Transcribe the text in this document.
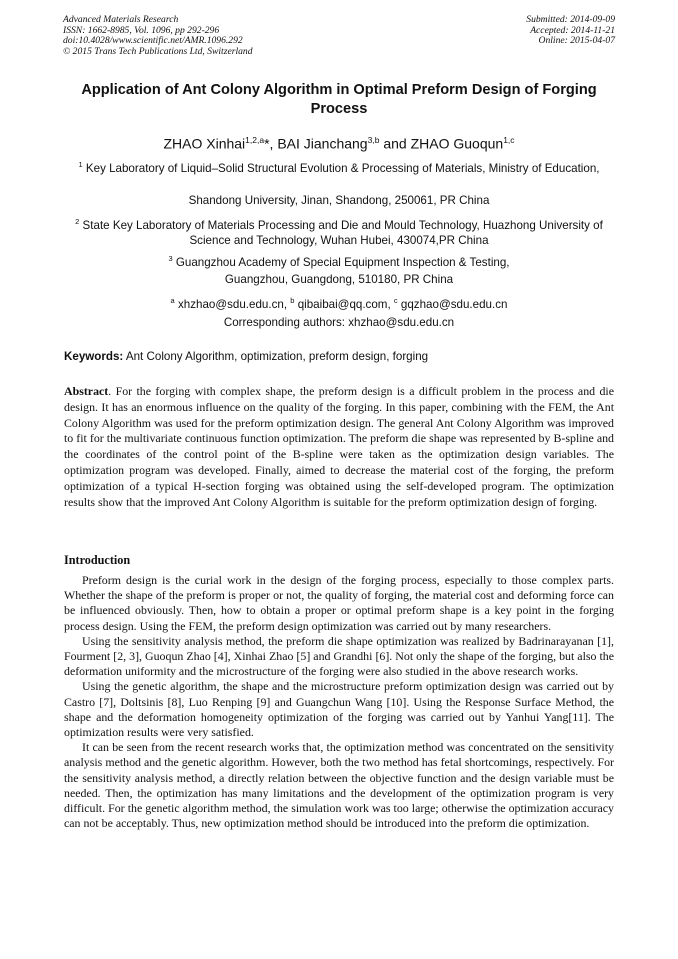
Advanced Materials Research
ISSN: 1662-8985, Vol. 1096, pp 292-296
doi:10.4028/www.scientific.net/AMR.1096.292
© 2015 Trans Tech Publications Ltd, Switzerland
Submitted: 2014-09-09
Accepted: 2014-11-21
Online: 2015-04-07
Application of Ant Colony Algorithm in Optimal Preform Design of Forging Process
ZHAO Xinhai$^{1,2,a}$*, BAI Jianchang$^{3,b}$ and ZHAO Guoqun$^{1,c}$
$^1$ Key Laboratory of Liquid–Solid Structural Evolution & Processing of Materials, Ministry of Education,
Shandong University, Jinan, Shandong, 250061, PR China
$^2$ State Key Laboratory of Materials Processing and Die and Mould Technology, Huazhong University of Science and Technology, Wuhan Hubei, 430074,PR China
$^3$ Guangzhou Academy of Special Equipment Inspection & Testing,
Guangzhou, Guangdong, 510180, PR China
$^a$ xhzhao@sdu.edu.cn, $^b$ qibaibai@qq.com, $^c$ gqzhao@sdu.edu.cn
Corresponding authors: xhzhao@sdu.edu.cn
Keywords: Ant Colony Algorithm, optimization, preform design, forging
Abstract. For the forging with complex shape, the preform design is a difficult problem in the process and die design. It has an enormous influence on the quality of the forging. In this paper, combining with the FEM, the Ant Colony Algorithm was used for the preform optimization design. The general Ant Colony Algorithm was improved to fit for the multivariate continuous function optimization. The preform die shape was represented by B-spline and the coordinates of the control point of the B-spline were taken as the optimization design variables. The optimization program was developed. Finally, aimed to decrease the material cost of the forging, the preform optimization of a typical H-section forging was obtained using the self-developed program. The optimization results show that the improved Ant Colony Algorithm is suitable for the preform optimization design of forging.
Introduction

Preform design is the curial work in the design of the forging process, especially to those complex parts. Whether the shape of the preform is proper or not, the quality of forging, the material cost and deforming force can be influenced obviously. Then, how to obtain a proper or optimal preform shape is a key point in the forging process design. Using the FEM, the preform design optimization was carried out by many researchers.

Using the sensitivity analysis method, the preform die shape optimization was realized by Badrinarayanan [1], Fourment [2, 3], Guoqun Zhao [4], Xinhai Zhao [5] and Grandhi [6]. Not only the shape of the forging, but also the deformation uniformity and the microstructure of the forging were also studied in the above research works.

Using the genetic algorithm, the shape and the microstructure preform optimization design was carried out by Castro [7], Doltsinis [8], Luo Renping [9] and Guangchun Wang [10]. Using the Response Surface Method, the shape and the deformation homogeneity optimization of the forging was carried out by Yanhui Yang[11]. The optimization results were very satisfied.

It can be seen from the recent research works that, the optimization method was concentrated on the sensitivity analysis method and the genetic algorithm. However, both the two method has fetal shortcomings, respectively. For the sensitivity analysis method, a directly relation between the objective function and the design variable must be needed. Then, the optimization has many limitations and the development of the optimization program is very difficult. For the genetic algorithm method, the simulation work was too large; otherwise the optimization accuracy can not be acceptably. Thus, new optimization method should be introduced into the preform die optimization.
